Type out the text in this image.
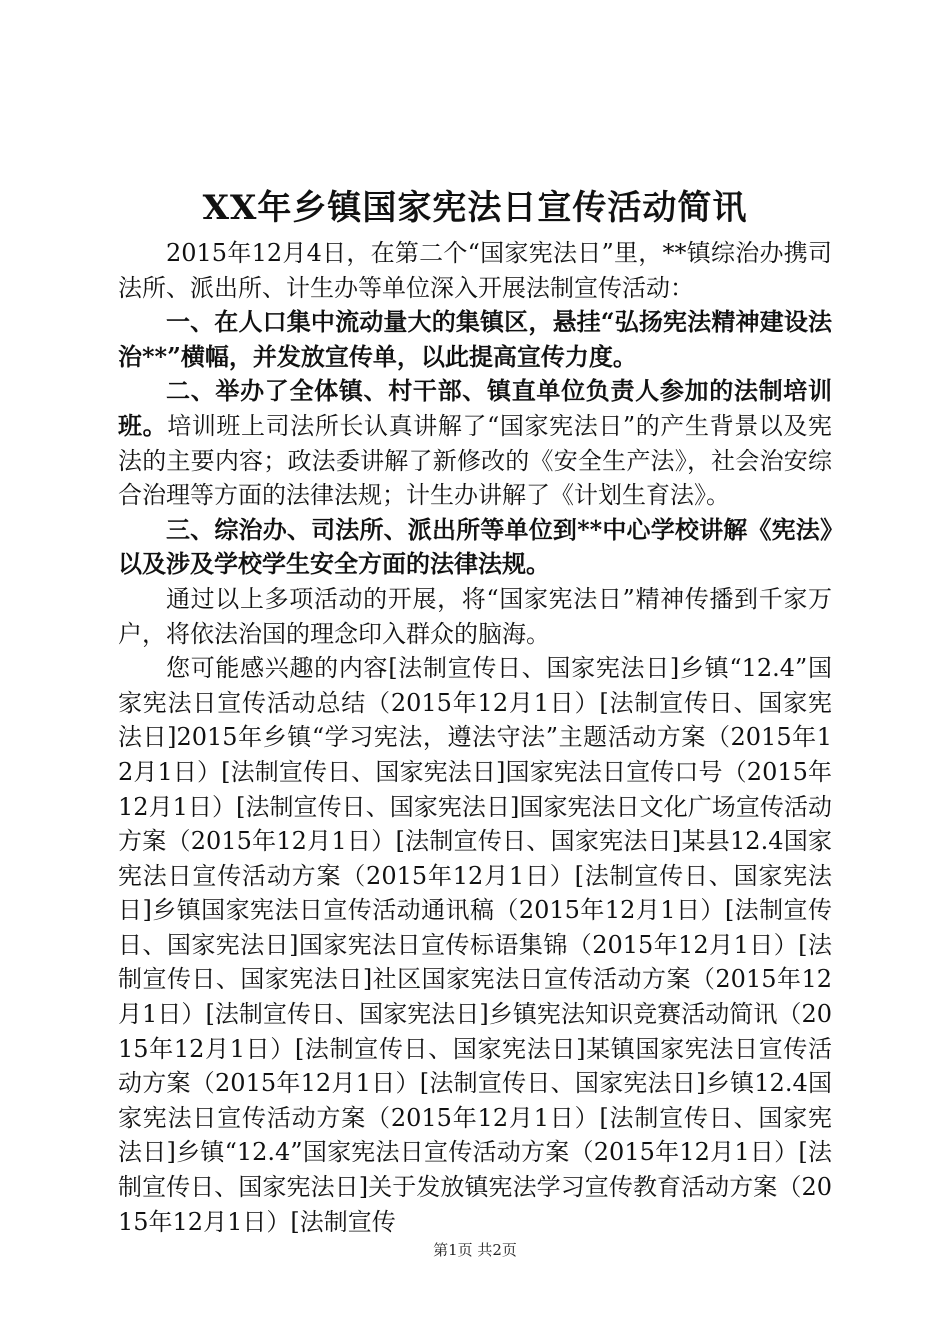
XX年乡镇国家宪法日宣传活动简讯

2015年12月4日，在第二个“国家宪法日”里，**镇综治办携司法所、派出所、计生办等单位深入开展法制宣传活动：

一、在人口集中流动量大的集镇区，悬挂“弘扬宪法精神建设法治**”横幅，并发放宣传单，以此提高宣传力度。

二、举办了全体镇、村干部、镇直单位负责人参加的法制培训班。培训班上司法所长认真讲解了“国家宪法日”的产生背景以及宪法的主要内容；政法委讲解了新修改的《安全生产法》，社会治安综合治理等方面的法律法规；计生办讲解了《计划生育法》。

三、综治办、司法所、派出所等单位到**中心学校讲解《宪法》以及涉及学校学生安全方面的法律法规。

通过以上多项活动的开展，将“国家宪法日”精神传播到千家万户，将依法治国的理念印入群众的脑海。

您可能感兴趣的内容[法制宣传日、国家宪法日]乡镇“12.4”国家宪法日宣传活动总结（2015年12月1日）[法制宣传日、国家宪法日]2015年乡镇“学习宪法，遵法守法”主题活动方案（2015年12月1日）[法制宣传日、国家宪法日]国家宪法日宣传口号（2015年12月1日）[法制宣传日、国家宪法日]国家宪法日文化广场宣传活动方案（2015年12月1日）[法制宣传日、国家宪法日]某县12.4国家宪法日宣传活动方案（2015年12月1日）[法制宣传日、国家宪法日]乡镇国家宪法日宣传活动通讯稿（2015年12月1日）[法制宣传日、国家宪法日]国家宪法日宣传标语集锦（2015年12月1日）[法制宣传日、国家宪法日]社区国家宪法日宣传活动方案（2015年12月1日）[法制宣传日、国家宪法日]乡镇宪法知识竞赛活动简讯（2015年12月1日）[法制宣传日、国家宪法日]某镇国家宪法日宣传活动方案（2015年12月1日）[法制宣传日、国家宪法日]乡镇12.4国家宪法日宣传活动方案（2015年12月1日）[法制宣传日、国家宪法日]乡镇“12.4”国家宪法日宣传活动方案（2015年12月1日）[法制宣传日、国家宪法日]关于发放镇宪法学习宣传教育活动方案（2015年12月1日）[法制宣传

第1页 共2页
